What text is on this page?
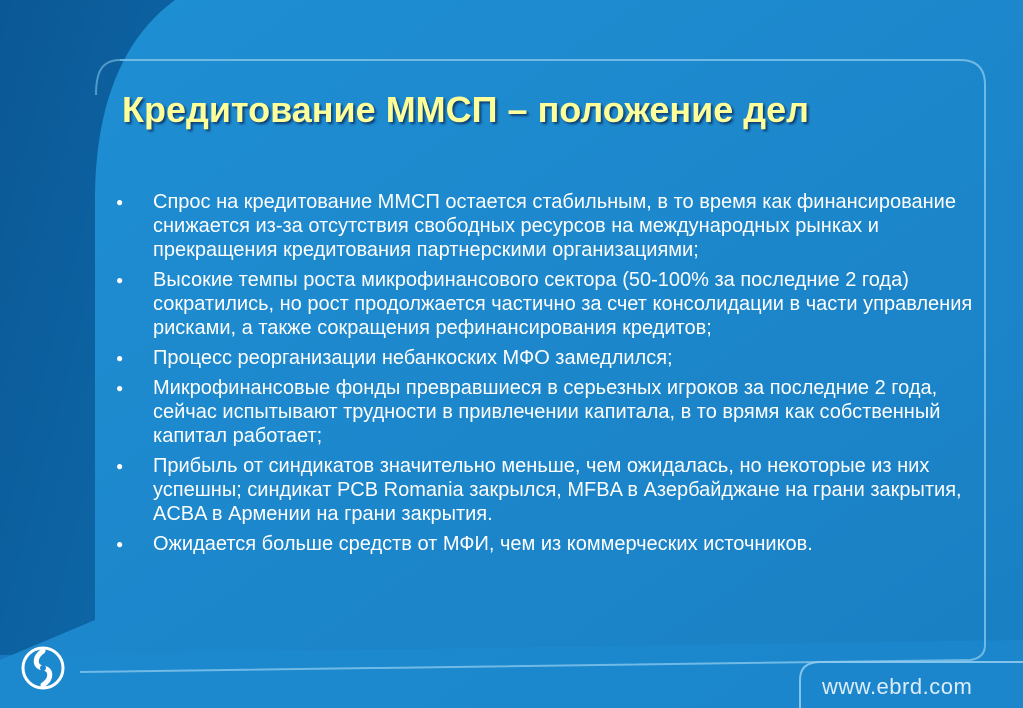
Кредитование ММСП – положение дел
●	Спрос на кредитование ММСП остается стабильным, в то время как финансирование снижается из-за отсутствия свободных ресурсов на международных рынках и прекращения кредитования партнерскими организациями;
●	Высокие темпы роста микрофинансового сектора (50-100% за последние 2 года) сократились, но рост продолжается частично за счет консолидации в части управления рисками, а также сокращения рефинансирования кредитов;
●	Процесс реорганизации небанкоских МФО замедлился;
●	Микрофинансовые фонды превравшиеся в серьезных игроков за последние 2 года, сейчас испытывают трудности в привлечении капитала, в то врямя как собственный капитал работает;
●	Прибыль от синдикатов значительно меньше, чем ожидалась, но некоторые из них успешны; синдикат PCB Romania закрылся, MFBA в Азербайджане на грани закрытия, ACBA в Армении на грани закрытия.
●	Ожидается больше средств от МФИ, чем из коммерческих источников.
www.ebrd.com
